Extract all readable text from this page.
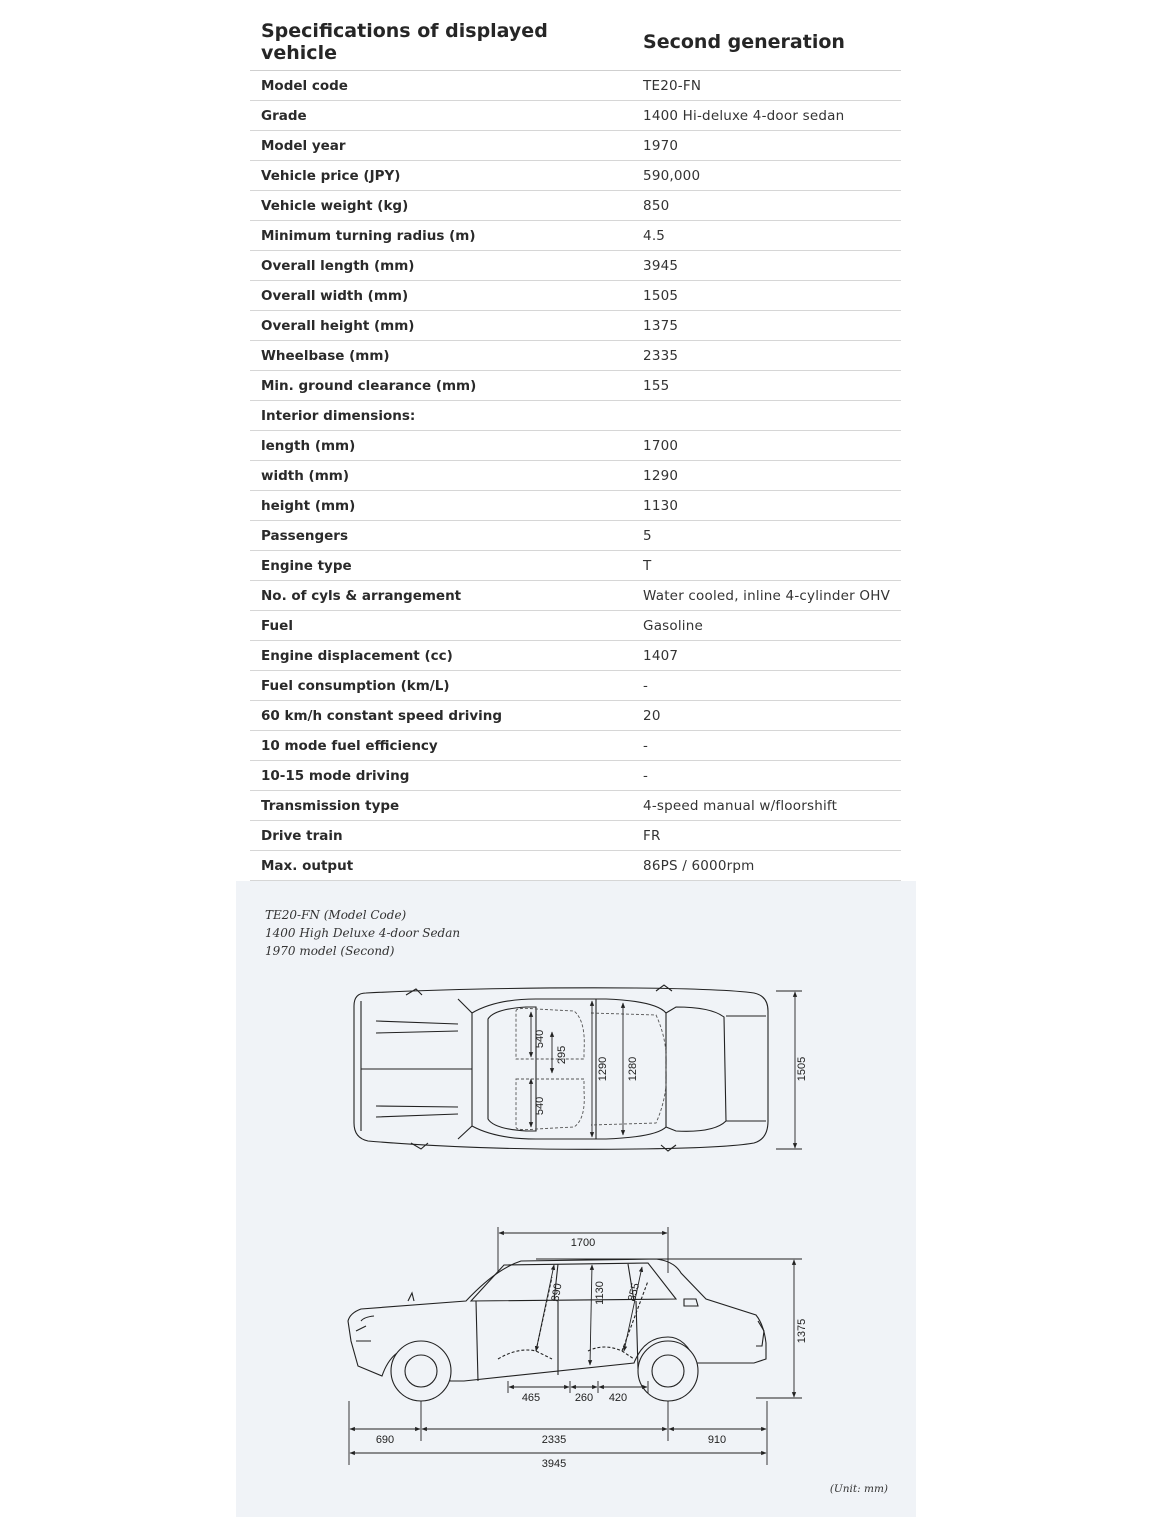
Specifications of displayed vehicle	Second generation
Model code	TE20-FN
Grade	1400 Hi-deluxe 4-door sedan
Model year	1970
Vehicle price (JPY)	590,000
Vehicle weight (kg)	850
Minimum turning radius (m)	4.5
Overall length (mm)	3945
Overall width (mm)	1505
Overall height (mm)	1375
Wheelbase (mm)	2335
Min. ground clearance (mm)	155
Interior dimensions:	
length (mm)	1700
width (mm)	1290
height (mm)	1130
Passengers	5
Engine type	T
No. of cyls & arrangement	Water cooled, inline 4-cylinder OHV
Fuel	Gasoline
Engine displacement (cc)	1407
Fuel consumption (km/L)	-
60 km/h constant speed driving	20
10 mode fuel efficiency	-
10-15 mode driving	-
Transmission type	4-speed manual w/floorshift
Drive train	FR
Max. output	86PS / 6000rpm
TE20-FN (Model Code)
1400 High Deluxe 4-door Sedan
1970 model (Second)
540
295
540
1290 1280	1505
1700
890	1130 855
465	260 420
1375
690	2335	910
3945
(Unit: mm)
